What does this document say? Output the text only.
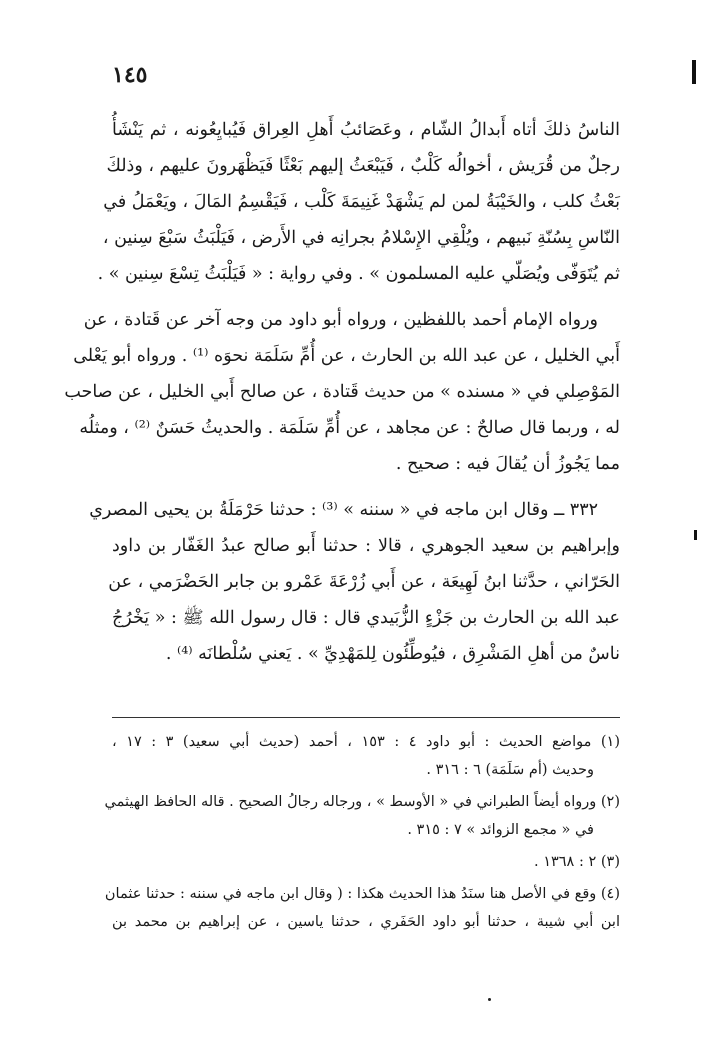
١٤٥
الناسُ ذلكَ أتاه أَبدالُ الشّام ، وعَصَائبُ أَهلِ العِراق فَيُبايِعُونه ، ثم يَنْشَأُ
رجلٌ من قُرَيش ، أخوالُه كَلْبٌ ، فَيَبْعَثُ إليهم بَعْثًا فَيَظْهَرونَ عليهم ، وذلكَ
بَعْثُ كلب ، والخَيْبَةُ لمن لم يَشْهَدْ غَنِيمَةَ كَلْب ، فَيَقْسِمُ المَالَ ، ويَعْمَلُ في
النّاسِ بِسُنّةِ نَبيهم ، ويُلْقِي الإِسْلامُ بجرانِه في الأَرض ، فَيَلْبَثُ سَبْعَ سِنين ،
ثم يُتَوَفّى ويُصَلّي عليه المسلمون » . وفي رواية : « فَيَلْبَثُ تِسْعَ سِنين » .
ورواه الإمام أحمد باللفظين ، ورواه أبو داود من وجه آخر عن قَتادة ، عن
أَبي الخليل ، عن عبد الله بن الحارث ، عن أُمِّ سَلَمَة نحوَه ⁽¹⁾ . ورواه أبو يَعْلى
المَوْصِلي في « مسنده » من حديث قَتادة ، عن صالح أَبي الخليل ، عن صاحب
له ، وربما قال صالحٌ : عن مجاهد ، عن أُمِّ سَلَمَة . والحديثُ حَسَنٌ ⁽²⁾ ، ومثلُه
مما يَجُوزُ أن يُقالَ فيه : صحيح .
٣٣٢ ــ وقال ابن ماجه في « سننه » ⁽³⁾ : حدثنا حَرْمَلَةُ بن يحيى المصري
وإبراهيم بن سعيد الجوهري ، قالا : حدثنا أَبو صالح عبدُ الغَفّار بن داود
الحَرّاني ، حدَّثنا ابنُ لَهِيعَة ، عن أَبي زُرْعَةَ عَمْرو بن جابر الحَضْرَمي ، عن
عبد الله بن الحارث بن جَزْءٍ الزُّبَيدي قال : قال رسول الله ﷺ : « يَخْرُجُ
ناسٌ من أهلِ المَشْرِق ، فيُوطِّئُون لِلمَهْدِيِّ » . يَعني سُلْطانَه ⁽⁴⁾ .
(١) مواضع الحديث : أبو داود ٤ : ١٥٣ ، أحمد (حديث أبي سعيد) ٣ : ١٧ ،
وحديث (أم سَلَمَة) ٦ : ٣١٦ .
(٢) ورواه أيضاً الطبراني في « الأوسط » ، ورجاله رجالُ الصحيح . قاله الحافظ الهيثمي
في « مجمع الزوائد » ٧ : ٣١٥ .
(٣) ٢ : ١٣٦٨ .
(٤) وقع في الأصل هنا سنَدُ هذا الحديث هكذا : ( وقال ابن ماجه في سننه : حدثنا عثمان
ابن أبي شيبة ، حدثنا أبو داود الحَفَري ، حدثنا ياسين ، عن إبراهيم بن محمد بن
